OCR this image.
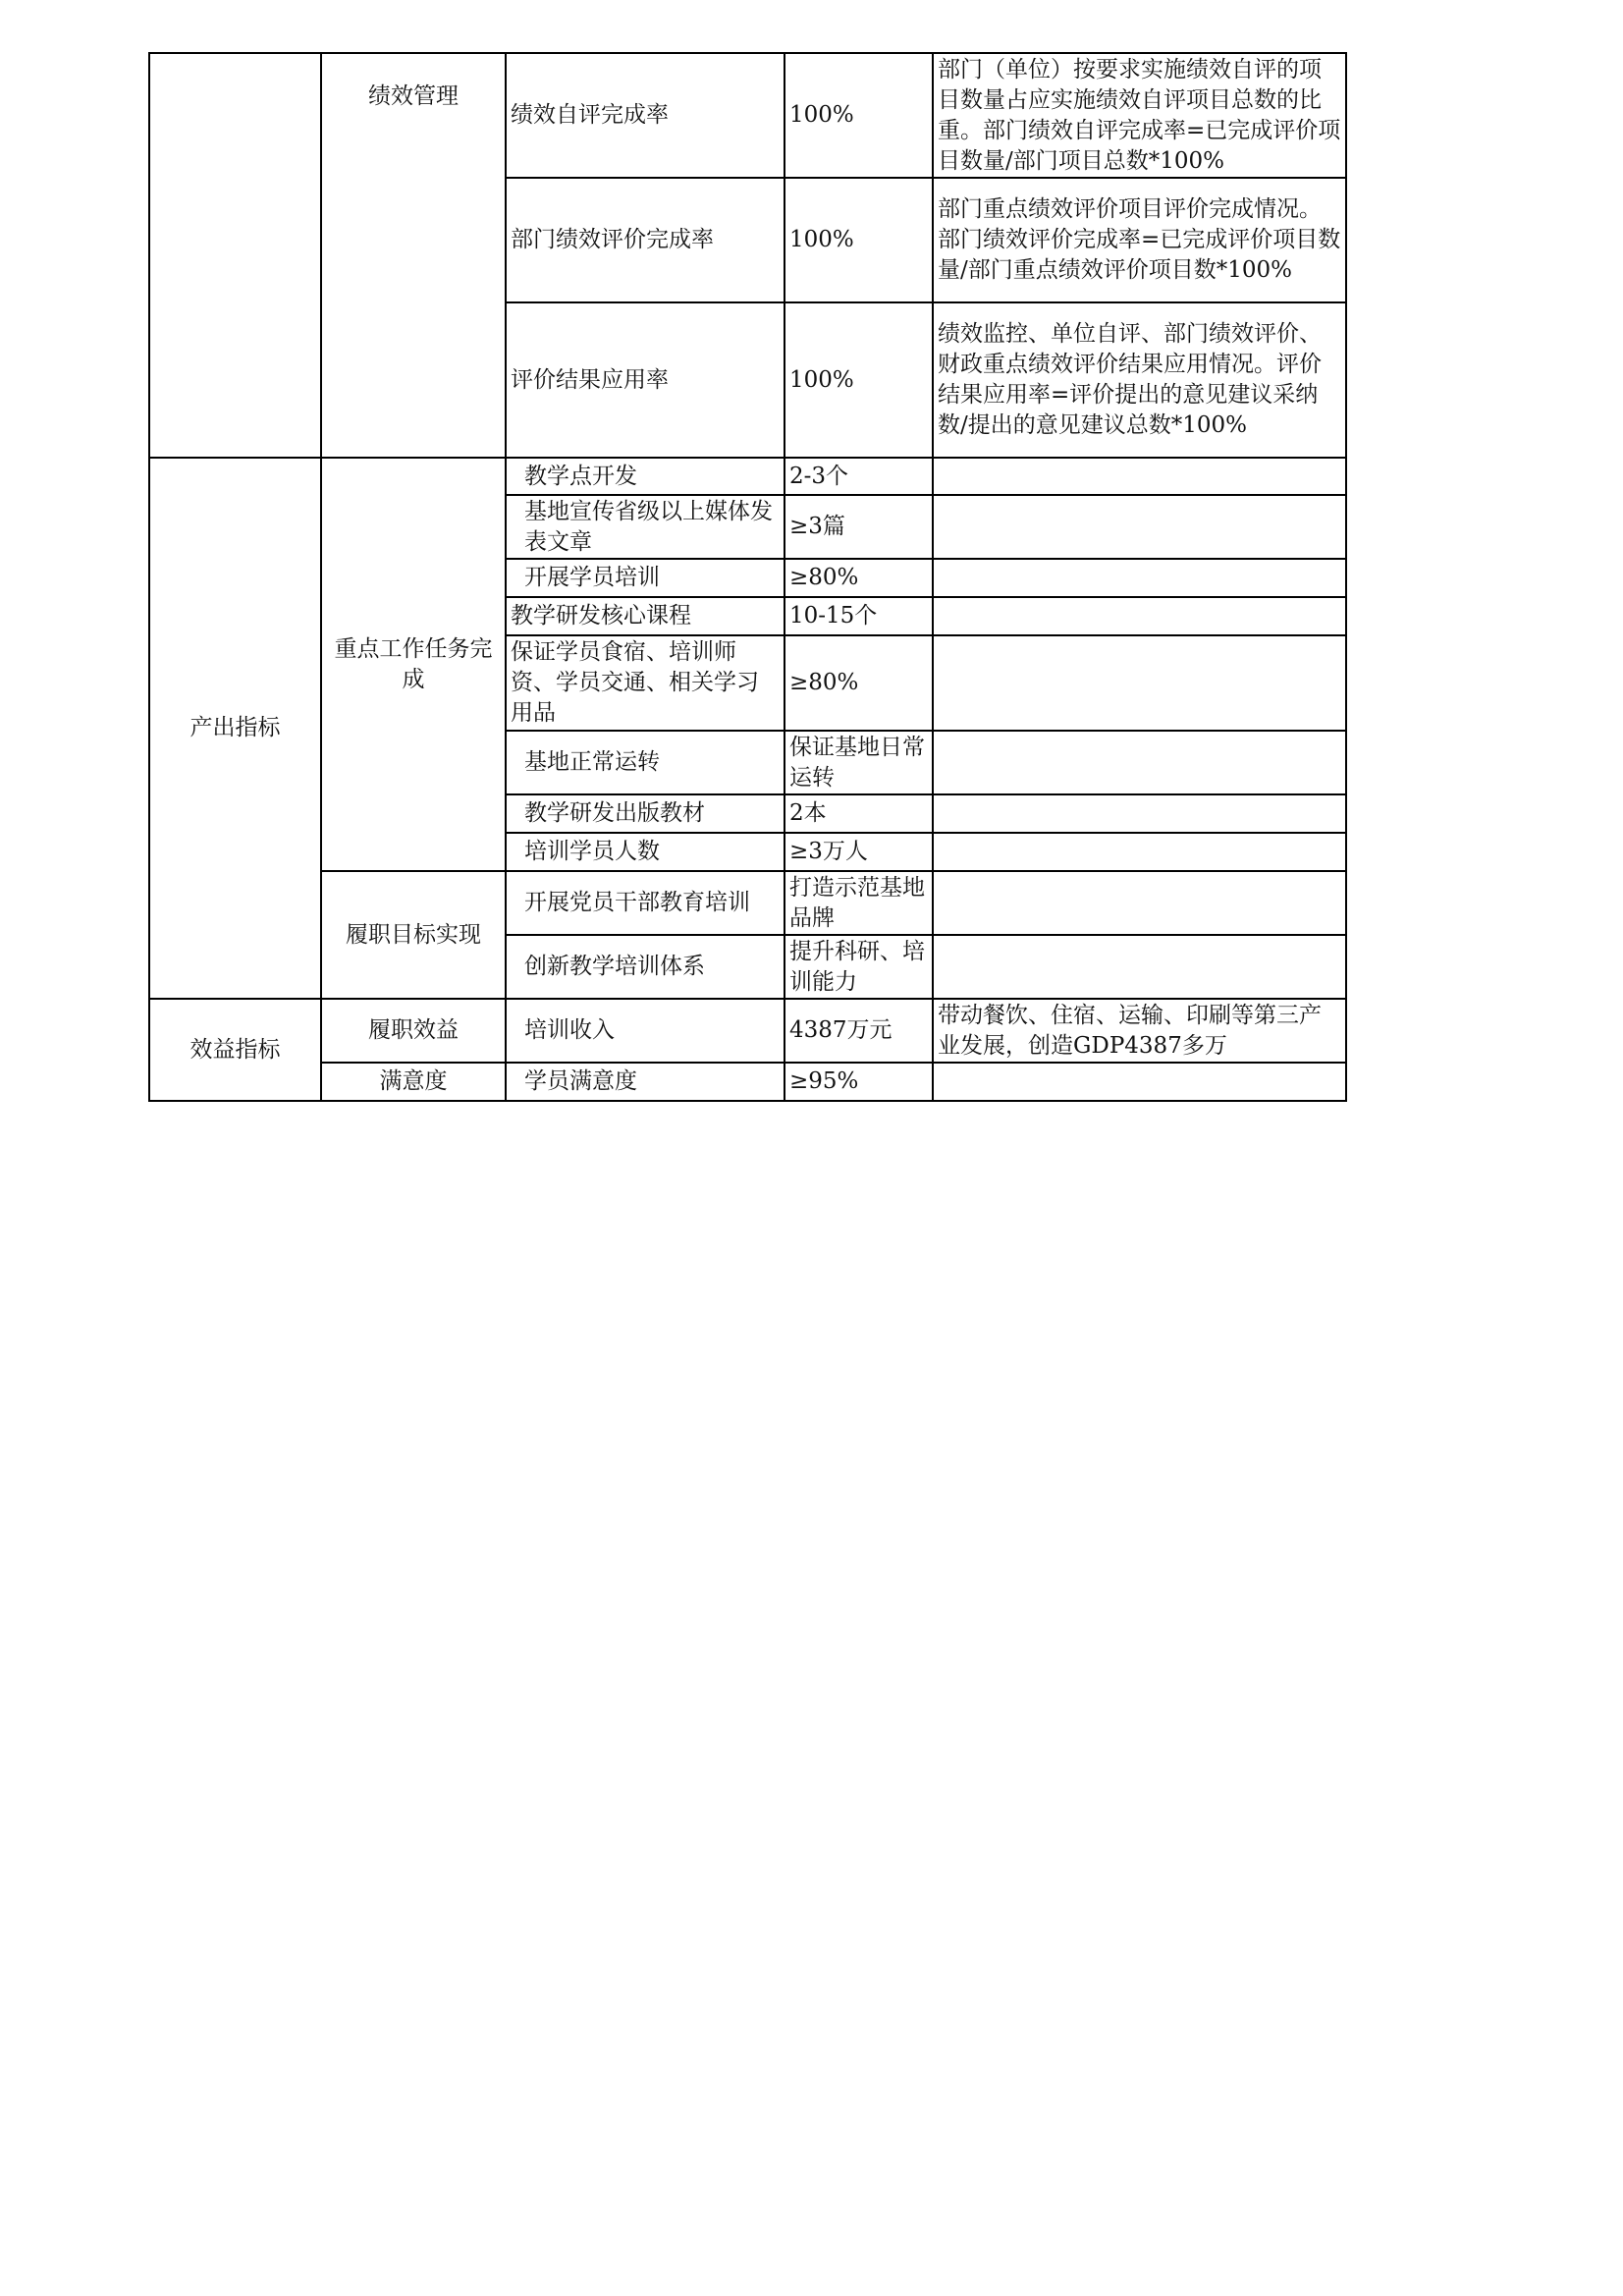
	绩效管理	绩效自评完成率	100%	部门（单位）按要求实施绩效自评的项目数量占应实施绩效自评项目总数的比重。部门绩效自评完成率=已完成评价项目数量/部门项目总数*100%
		部门绩效评价完成率	100%	部门重点绩效评价项目评价完成情况。部门绩效评价完成率=已完成评价项目数量/部门重点绩效评价项目数*100%
		评价结果应用率	100%	绩效监控、单位自评、部门绩效评价、财政重点绩效评价结果应用情况。评价结果应用率=评价提出的意见建议采纳数/提出的意见建议总数*100%
产出指标	重点工作任务完成	教学点开发	2-3个	
		基地宣传省级以上媒体发表文章	≥3篇	
		开展学员培训	≥80%	
		教学研发核心课程	10-15个	
		保证学员食宿、培训师资、学员交通、相关学习用品	≥80%	
		基地正常运转	保证基地日常运转	
		教学研发出版教材	2本	
		培训学员人数	≥3万人	
	履职目标实现	开展党员干部教育培训	打造示范基地品牌	
		创新教学培训体系	提升科研、培训能力	
效益指标	履职效益	培训收入	4387万元	带动餐饮、住宿、运输、印刷等第三产业发展，创造GDP4387多万
	满意度	学员满意度	≥95%	
